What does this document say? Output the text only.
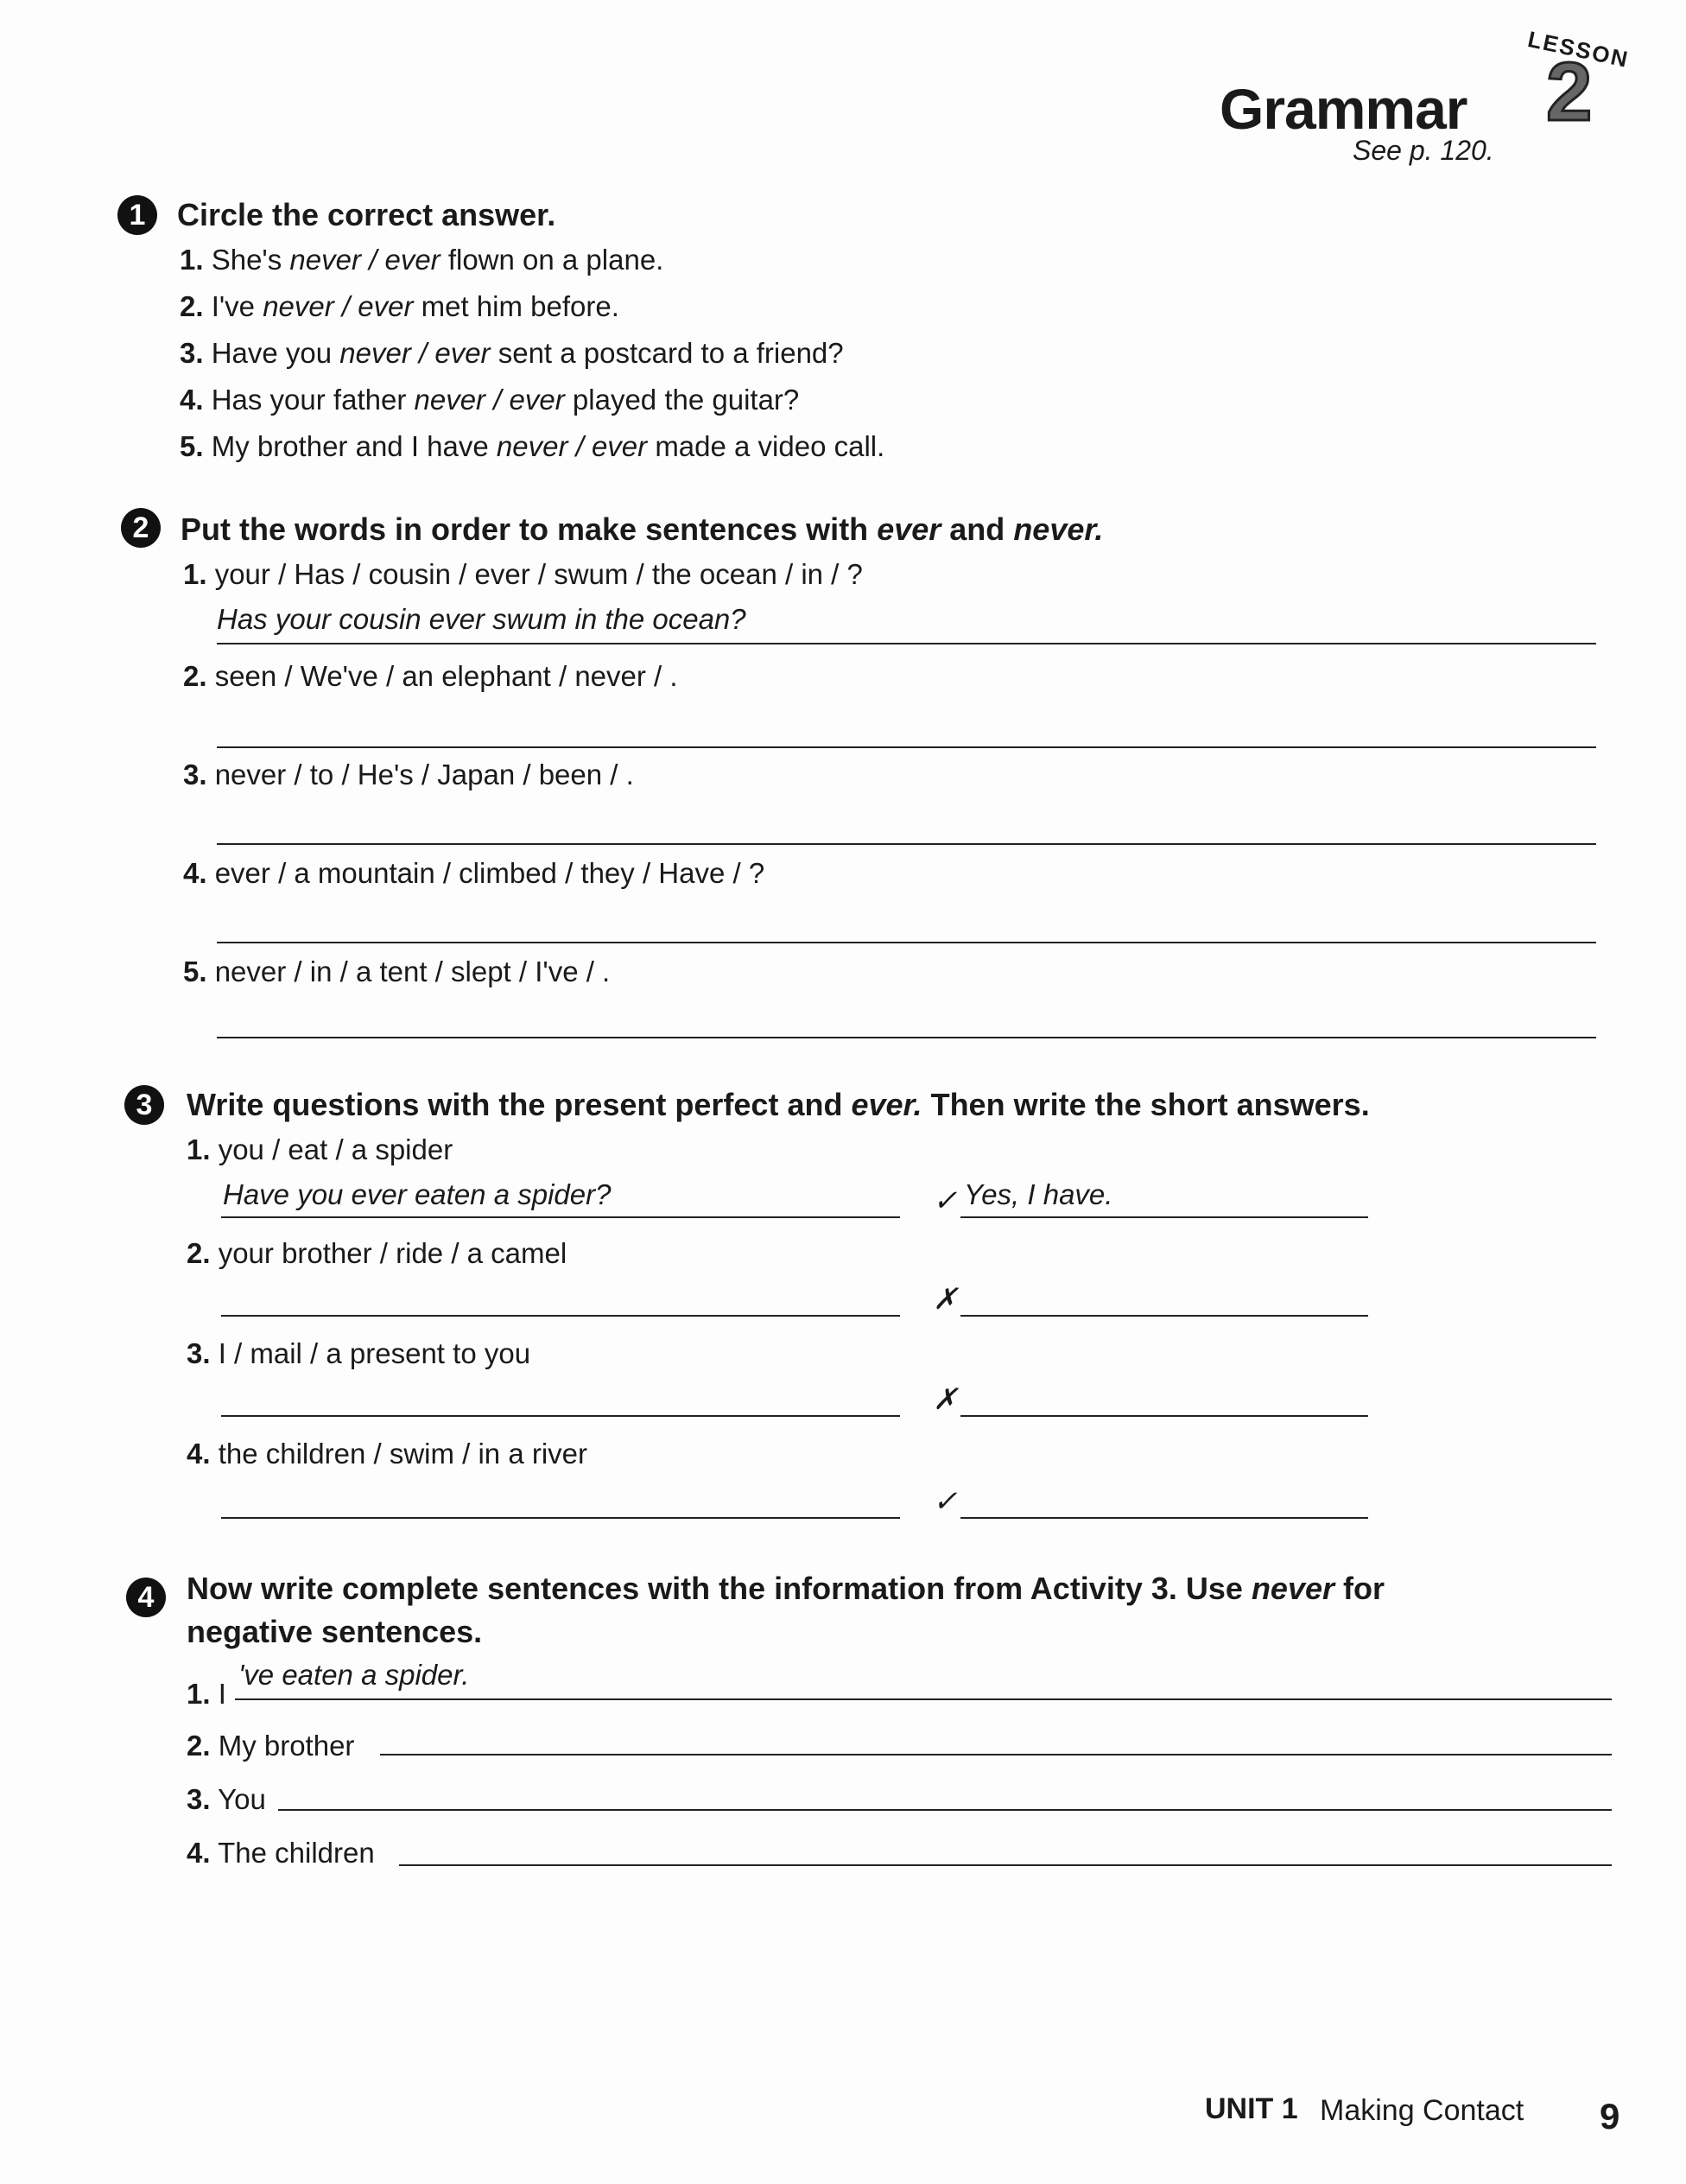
Grammar
See p. 120.
LESSON
2
1	Circle the correct answer.
1. She's never / ever flown on a plane.
2. I've never / ever met him before.
3. Have you never / ever sent a postcard to a friend?
4. Has your father never / ever played the guitar?
5. My brother and I have never / ever made a video call.
2	Put the words in order to make sentences with ever and never.
1. your / Has / cousin / ever / swum / the ocean / in / ?
Has your cousin ever swum in the ocean?
2. seen / We've / an elephant / never / .
3. never / to / He's / Japan / been / .
4. ever / a mountain / climbed / they / Have / ?
5. never / in / a tent / slept / I've / .
3	Write questions with the present perfect and ever. Then write the short answers.
1. you / eat / a spider
Have you ever eaten a spider?	✓ Yes, I have.
2. your brother / ride / a camel
✗
3. I / mail / a present to you
✗
4. the children / swim / in a river
✓
4	Now write complete sentences with the information from Activity 3. Use never for
negative sentences.
1. I
've eaten a spider.
2. My brother
3. You
4. The children
UNIT 1 Making Contact 9
